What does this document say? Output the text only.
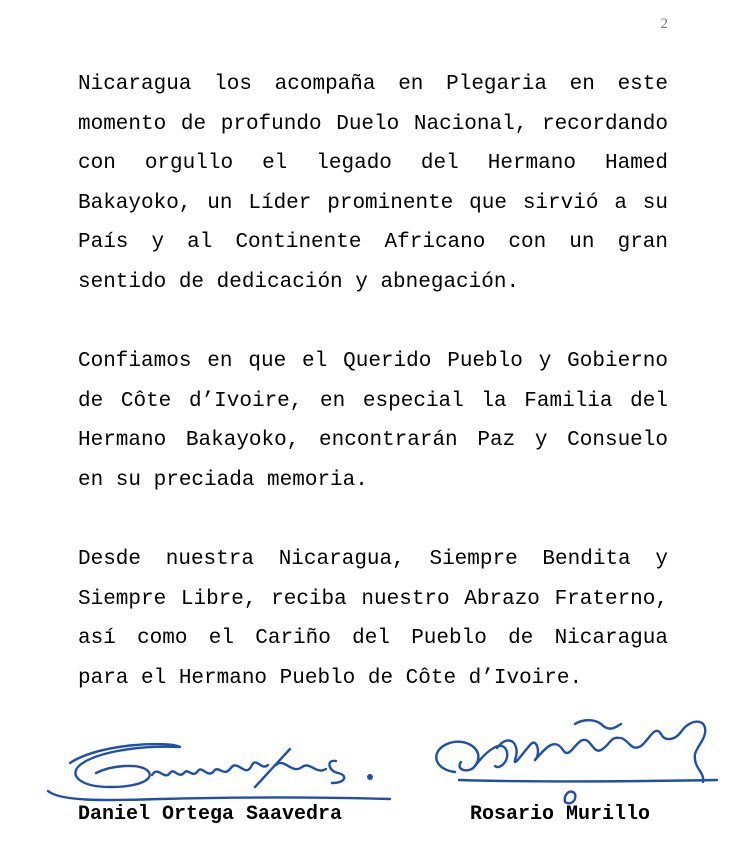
2

Nicaragua los acompaña en Plegaria en este momento de profundo Duelo Nacional, recordando con orgullo el legado del Hermano Hamed Bakayoko, un Líder prominente que sirvió a su País y al Continente Africano con un gran sentido de dedicación y abnegación.

Confiamos en que el Querido Pueblo y Gobierno de Côte d’Ivoire, en especial la Familia del Hermano Bakayoko, encontrarán Paz y Consuelo en su preciada memoria.

Desde nuestra Nicaragua, Siempre Bendita y Siempre Libre, reciba nuestro Abrazo Fraterno, así como el Cariño del Pueblo de Nicaragua para el Hermano Pueblo de Côte d’Ivoire.

Daniel Ortega Saavedra	Rosario Murillo
